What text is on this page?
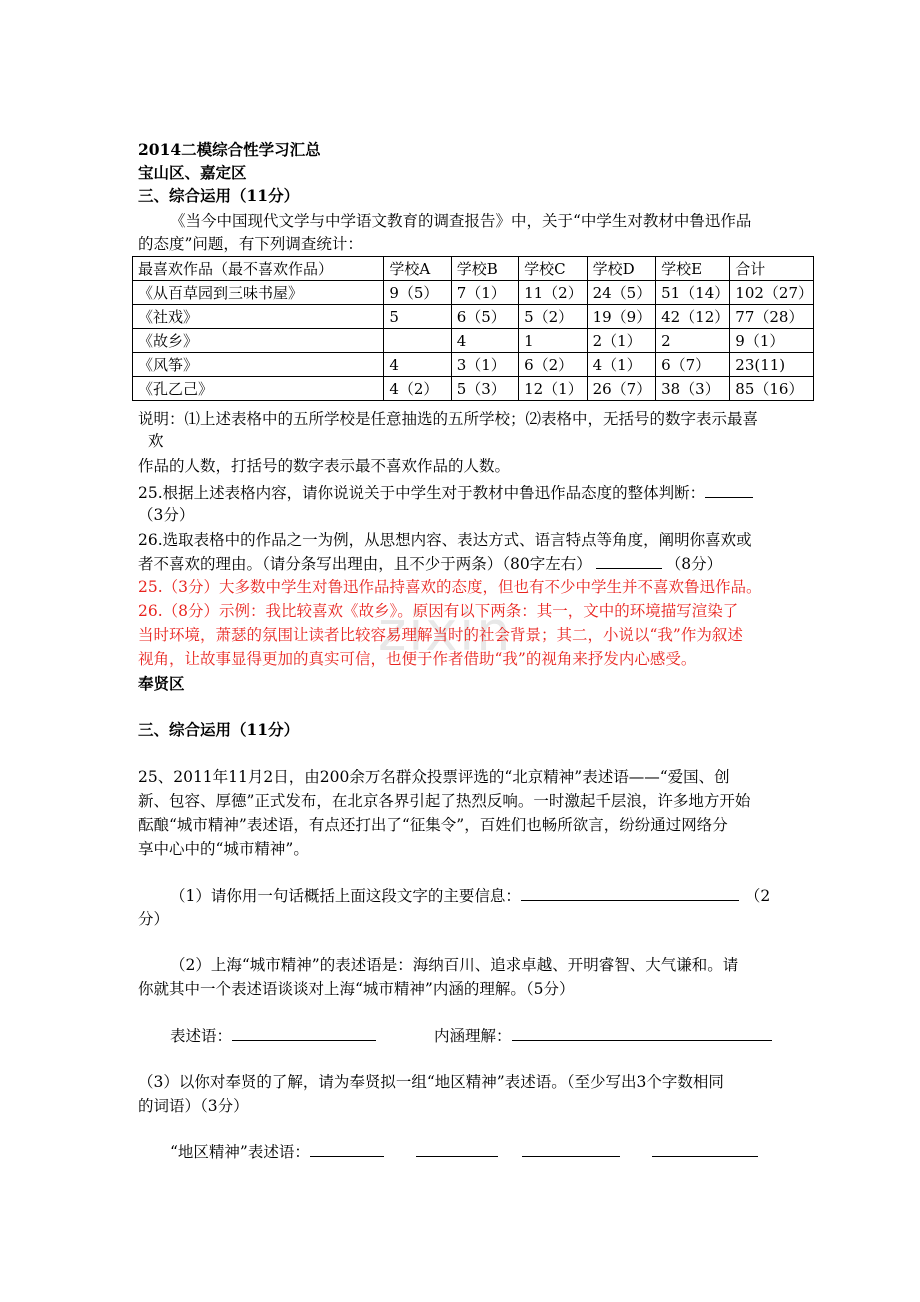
zixin
2014二模综合性学习汇总
宝山区、嘉定区
三、综合运用（11分）
《当今中国现代文学与中学语文教育的调查报告》中，关于“中学生对教材中鲁迅作品
的态度”问题，有下列调查统计：
最喜欢作品（最不喜欢作品）	学校A	学校B	学校C	学校D	学校E	合计
《从百草园到三味书屋》	9（5）	7（1）	11（2）	24（5）	51（14）	102（27）
《社戏》	5	6（5）	5（2）	19（9）	42（12）	77（28）
《故乡》		4	1	2（1）	2	9（1）
《风筝》	4	3（1）	6（2）	4（1）	6（7）	23(11)
《孔乙己》	4（2）	5（3）	12（1）	26（7）	38（3）	85（16）
说明：⑴上述表格中的五所学校是任意抽选的五所学校；⑵表格中，无括号的数字表示最喜
欢
作品的人数，打括号的数字表示最不喜欢作品的人数。
25.根据上述表格内容，请你说说关于中学生对于教材中鲁迅作品态度的整体判断：
（3分）
26.选取表格中的作品之一为例，从思想内容、表达方式、语言特点等角度，阐明你喜欢或
者不喜欢的理由。（请分条写出理由，且不少于两条）（80字左右）	（8分）
25.（3分）大多数中学生对鲁迅作品持喜欢的态度，但也有不少中学生并不喜欢鲁迅作品。
26.（8分）示例：我比较喜欢《故乡》。原因有以下两条：其一，文中的环境描写渲染了
当时环境，萧瑟的氛围让读者比较容易理解当时的社会背景；其二，小说以“我”作为叙述
视角，让故事显得更加的真实可信，也便于作者借助“我”的视角来抒发内心感受。
奉贤区
三、综合运用（11分）
25、2011年11月2日，由200余万名群众投票评选的“北京精神”表述语——“爱国、创
新、包容、厚德”正式发布，在北京各界引起了热烈反响。一时激起千层浪，许多地方开始
酝酿“城市精神”表述语，有点还打出了“征集令”，百姓们也畅所欲言，纷纷通过网络分
享中心中的“城市精神”。
（1）请你用一句话概括上面这段文字的主要信息：	（2
分）
（2）上海“城市精神”的表述语是：海纳百川、追求卓越、开明睿智、大气谦和。请
你就其中一个表述语谈谈对上海“城市精神”内涵的理解。（5分）
表述语：	内涵理解：
（3）以你对奉贤的了解，请为奉贤拟一组“地区精神”表述语。（至少写出3个字数相同
的词语）（3分）
“地区精神”表述语：
